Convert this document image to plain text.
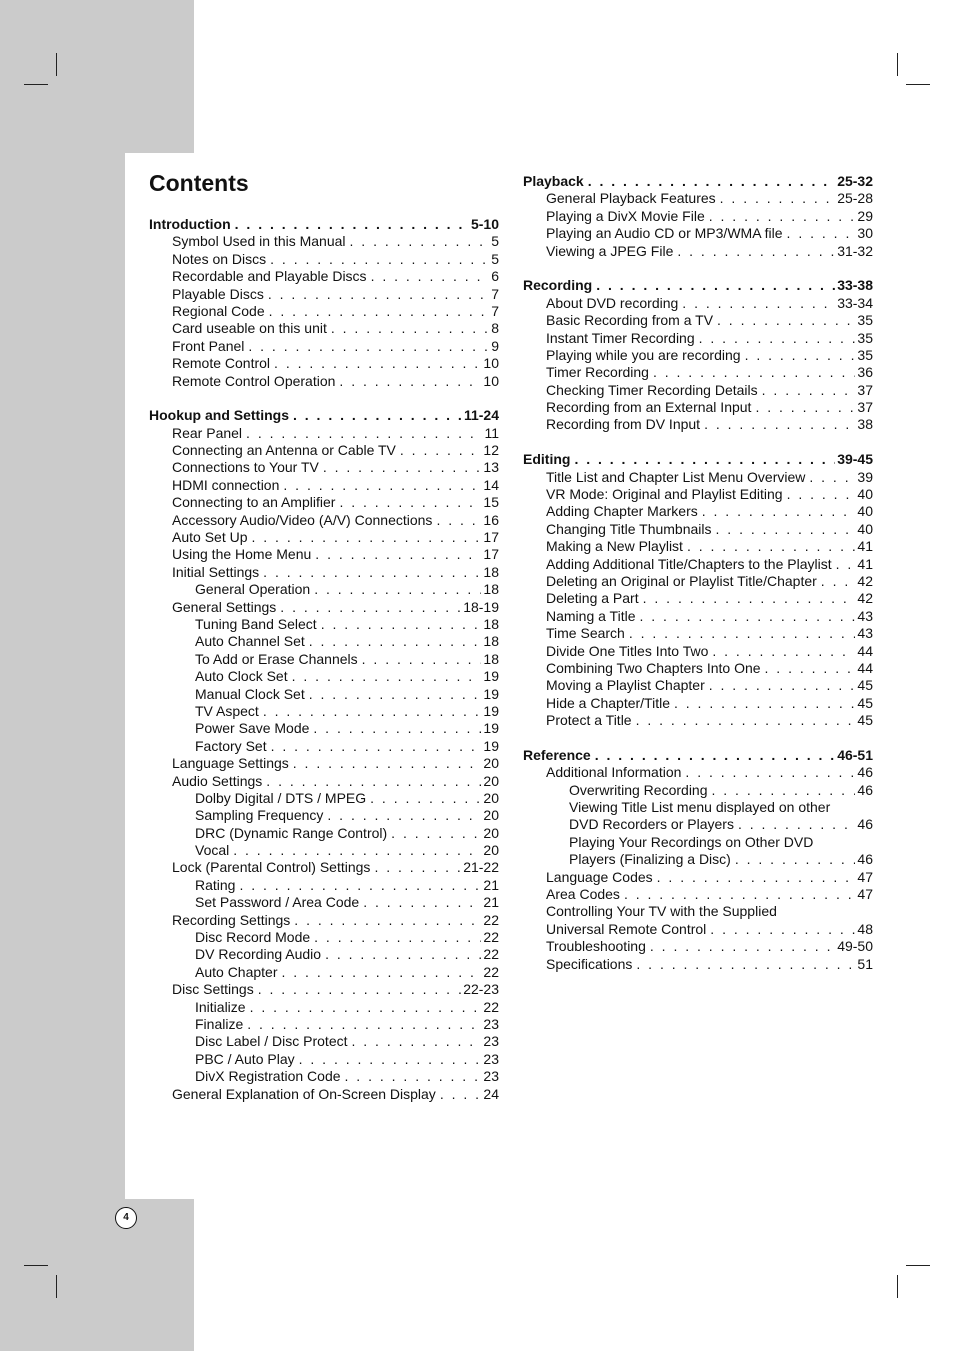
Contents
Introduction . . .	5-10
Symbol Used in this Manual . . .	5
Notes on Discs . . .	5
Recordable and Playable Discs . . .	6
Playable Discs . . .	7
Regional Code . . .	7
Card useable on this unit . . .	8
Front Panel . . .	9
Remote Control . . .	10
Remote Control Operation . . .	10
Hookup and Settings . . .	11-24
Rear Panel . . .	11
Connecting an Antenna or Cable TV . . .	12
Connections to Your TV . . .	13
HDMI connection . . .	14
Connecting to an Amplifier . . .	15
Accessory Audio/Video (A/V) Connections . . .	16
Auto Set Up . . .	17
Using the Home Menu . . .	17
Initial Settings . . .	18
General Operation . . .	18
General Settings . . .	18-19
Tuning Band Select . . .	18
Auto Channel Set . . .	18
To Add or Erase Channels . . .	18
Auto Clock Set . . .	19
Manual Clock Set . . .	19
TV Aspect . . .	19
Power Save Mode . . .	19
Factory Set . . .	19
Language Settings . . .	20
Audio Settings . . .	20
Dolby Digital / DTS / MPEG . . .	20
Sampling Frequency . . .	20
DRC (Dynamic Range Control) . . .	20
Vocal . . .	20
Lock (Parental Control) Settings . . .	21-22
Rating . . .	21
Set Password / Area Code . . .	21
Recording Settings . . .	22
Disc Record Mode . . .	22
DV Recording Audio . . .	22
Auto Chapter . . .	22
Disc Settings . . .	22-23
Initialize . . .	22
Finalize . . .	23
Disc Label / Disc Protect . . .	23
PBC / Auto Play . . .	23
DivX Registration Code . . .	23
General Explanation of On-Screen Display . . .	24
Playback . . .	25-32
General Playback Features . . .	25-28
Playing a DivX Movie File . . .	29
Playing an Audio CD or MP3/WMA file . . .	30
Viewing a JPEG File . . .	31-32
Recording . . .	33-38
About DVD recording . . .	33-34
Basic Recording from a TV . . .	35
Instant Timer Recording . . .	35
Playing while you are recording . . .	35
Timer Recording . . .	36
Checking Timer Recording Details . . .	37
Recording from an External Input . . .	37
Recording from DV Input . . .	38
Editing . . .	39-45
Title List and Chapter List Menu Overview . . .	39
VR Mode: Original and Playlist Editing . . .	40
Adding Chapter Markers . . .	40
Changing Title Thumbnails . . .	40
Making a New Playlist . . .	41
Adding Additional Title/Chapters to the Playlist . . . 41
Deleting an Original or Playlist Title/Chapter . . .	42
Deleting a Part . . .	42
Naming a Title . . .	43
Time Search . . .	43
Divide One Titles Into Two . . .	44
Combining Two Chapters Into One . . .	44
Moving a Playlist Chapter . . .	45
Hide a Chapter/Title . . .	45
Protect a Title . . .	45
Reference . . .	46-51
Additional Information . . .	46
Overwriting Recording . . .	46
Viewing Title List menu displayed on other
DVD Recorders or Players . . .	46
Playing Your Recordings on Other DVD
Players (Finalizing a Disc) . . .	46
Language Codes . . .	47
Area Codes . . .	47
Controlling Your TV with the Supplied
Universal Remote Control . . .	48
Troubleshooting . . .	49-50
Specifications . . .	51
4
